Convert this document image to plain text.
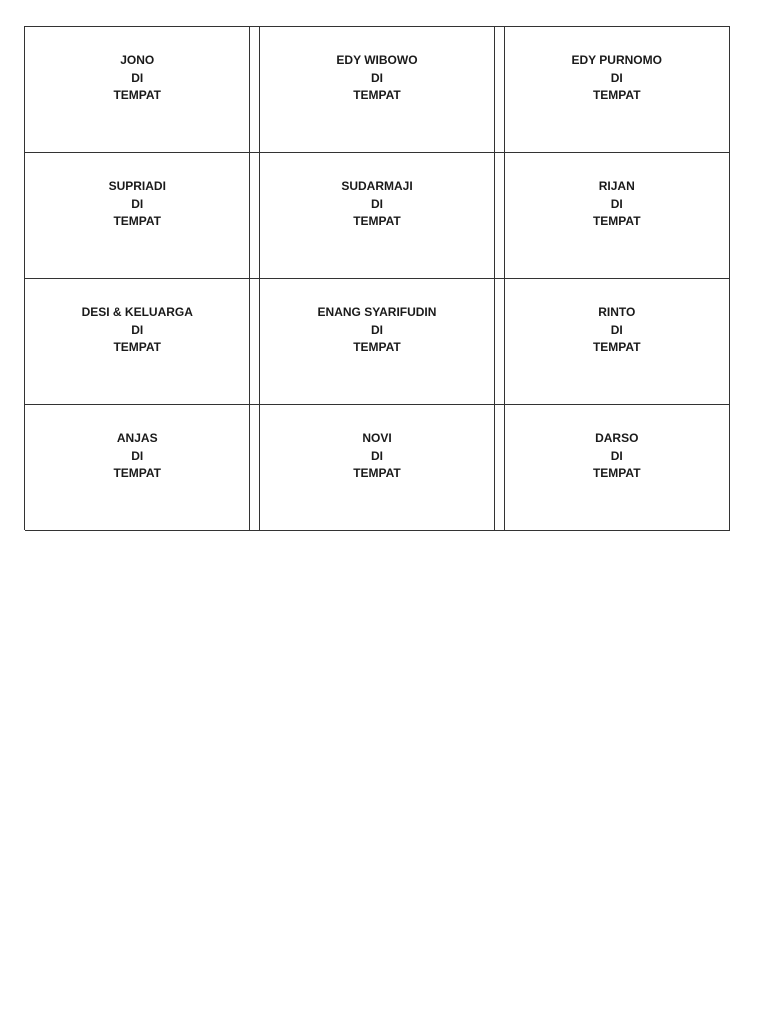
JONO
DI
TEMPAT
EDY WIBOWO
DI
TEMPAT
EDY PURNOMO
DI
TEMPAT
SUPRIADI
DI
TEMPAT
SUDARMAJI
DI
TEMPAT
RIJAN
DI
TEMPAT
DESI & KELUARGA
DI
TEMPAT
ENANG SYARIFUDIN
DI
TEMPAT
RINTO
DI
TEMPAT
ANJAS
DI
TEMPAT
NOVI
DI
TEMPAT
DARSO
DI
TEMPAT
